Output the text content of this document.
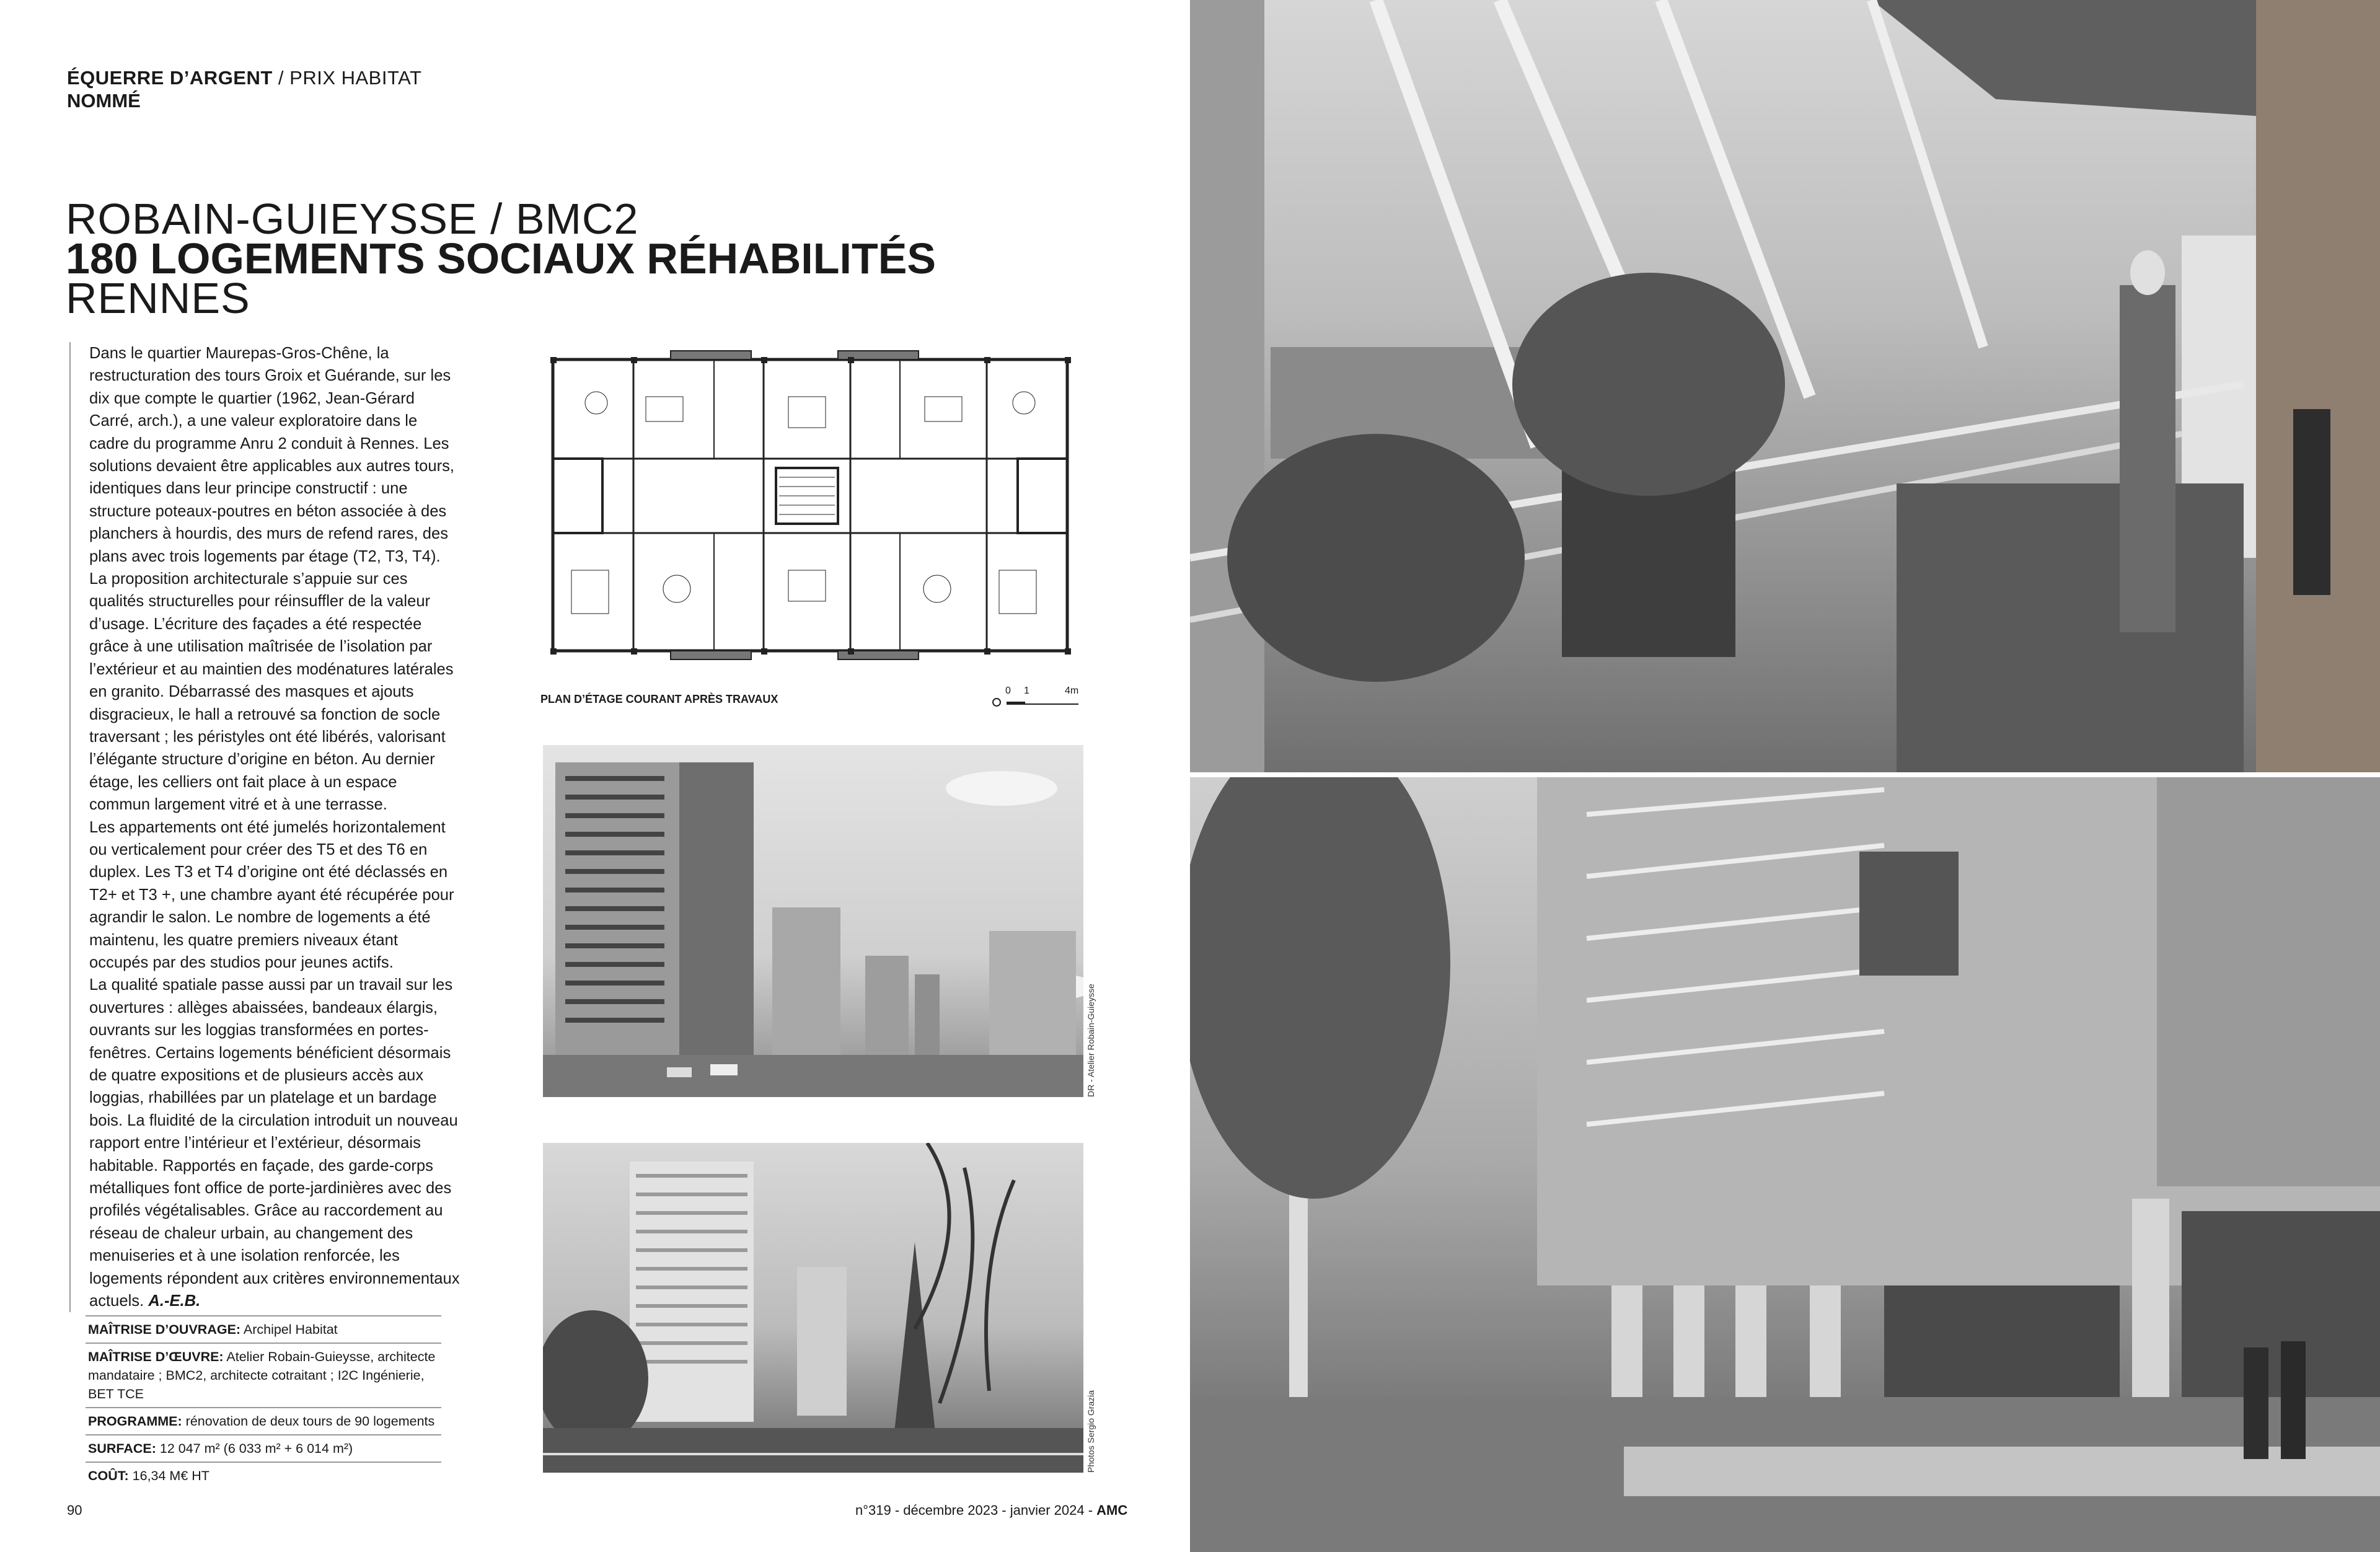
ÉQUERRE D’ARGENT / PRIX HABITAT
NOMMÉ
ROBAIN-GUIEYSSE / BMC2
180 LOGEMENTS SOCIAUX RÉHABILITÉS
RENNES

Dans le quartier Maurepas-Gros-Chêne, la restructuration des tours Groix et Guérande, sur les dix que compte le quartier (1962, Jean-Gérard Carré, arch.), a une valeur exploratoire dans le cadre du programme Anru 2 conduit à Rennes. Les solutions devaient être applicables aux autres tours, identiques dans leur principe constructif : une structure poteaux-poutres en béton associée à des planchers à hourdis, des murs de refend rares, des plans avec trois logements par étage (T2, T3, T4). La proposition architecturale s’appuie sur ces qualités structurelles pour réinsuffler de la valeur d’usage. L’écriture des façades a été respectée grâce à une utilisation maîtrisée de l’isolation par l’extérieur et au maintien des modénatures latérales en granito. Débarrassé des masques et ajouts disgracieux, le hall a retrouvé sa fonction de socle traversant ; les péristyles ont été libérés, valorisant l’élégante structure d’origine en béton. Au dernier étage, les celliers ont fait place à un espace commun largement vitré et à une terrasse.

Les appartements ont été jumelés horizontalement ou verticalement pour créer des T5 et des T6 en duplex. Les T3 et T4 d’origine ont été déclassés en T2+ et T3 +, une chambre ayant été récupérée pour agrandir le salon. Le nombre de logements a été maintenu, les quatre premiers niveaux étant occupés par des studios pour jeunes actifs.

La qualité spatiale passe aussi par un travail sur les ouvertures : allèges abaissées, bandeaux élargis, ouvrants sur les loggias transformées en portes-fenêtres. Certains logements bénéficient désormais de quatre expositions et de plusieurs accès aux loggias, rhabillées par un platelage et un bardage bois. La fluidité de la circulation introduit un nouveau rapport entre l’intérieur et l’extérieur, désormais habitable. Rapportés en façade, des garde-corps métalliques font office de porte-jardinières avec des profilés végétalisables. Grâce au raccordement au réseau de chaleur urbain, au changement des menuiseries et à une isolation renforcée, les logements répondent aux critères environnementaux actuels. A.-E.B.

MAÎTRISE D’OUVRAGE: Archipel Habitat
MAÎTRISE D’ŒUVRE: Atelier Robain-Guieysse, architecte mandataire ; BMC2, architecte cotraitant ; I2C Ingénierie, BET TCE
PROGRAMME: rénovation de deux tours de 90 logements
SURFACE: 12 047 m² (6 033 m² + 6 014 m²)
COÛT: 16,34 M€ HT
PLAN D’ÉTAGE COURANT APRÈS TRAVAUX
0 1	4m
DR - Atelier Robain-Guieysse
Photos Sergio Grazia
90	n°319 - décembre 2023 - janvier 2024 - AMC
